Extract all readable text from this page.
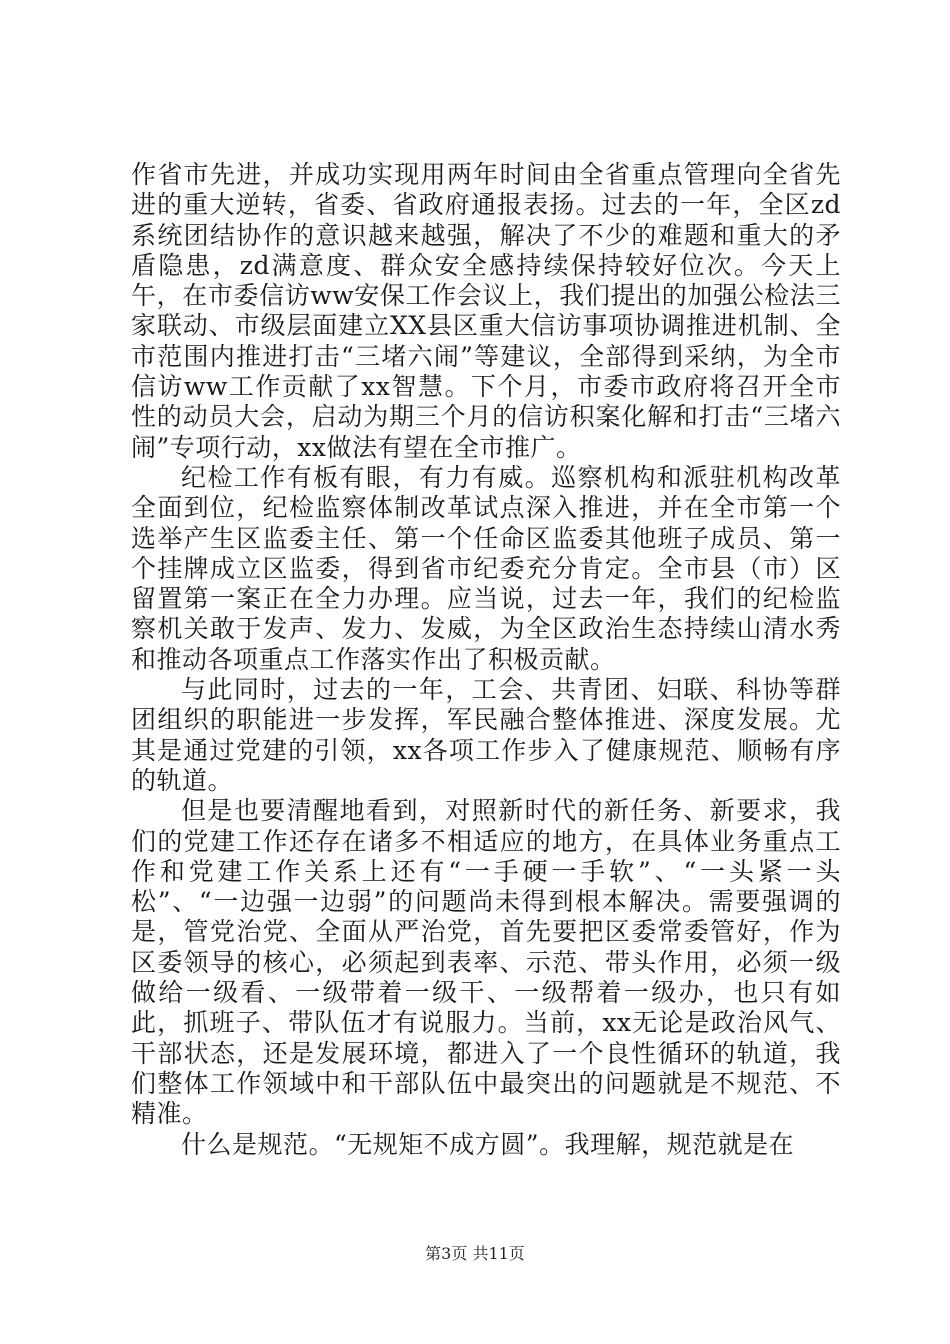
作省市先进，并成功实现用两年时间由全省重点管理向全省先进的重大逆转，省委、省政府通报表扬。过去的一年，全区zd系统团结协作的意识越来越强，解决了不少的难题和重大的矛盾隐患，zd满意度、群众安全感持续保持较好位次。今天上午，在市委信访ww安保工作会议上，我们提出的加强公检法三家联动、市级层面建立XX县区重大信访事项协调推进机制、全市范围内推进打击“三堵六闹”等建议，全部得到采纳，为全市信访ww工作贡献了xx智慧。下个月，市委市政府将召开全市性的动员大会，启动为期三个月的信访积案化解和打击“三堵六闹”专项行动，xx做法有望在全市推广。

纪检工作有板有眼，有力有威。巡察机构和派驻机构改革全面到位，纪检监察体制改革试点深入推进，并在全市第一个选举产生区监委主任、第一个任命区监委其他班子成员、第一个挂牌成立区监委，得到省市纪委充分肯定。全市县（市）区留置第一案正在全力办理。应当说，过去一年，我们的纪检监察机关敢于发声、发力、发威，为全区政治生态持续山清水秀和推动各项重点工作落实作出了积极贡献。

与此同时，过去的一年，工会、共青团、妇联、科协等群团组织的职能进一步发挥，军民融合整体推进、深度发展。尤其是通过党建的引领，xx各项工作步入了健康规范、顺畅有序的轨道。

但是也要清醒地看到，对照新时代的新任务、新要求，我们的党建工作还存在诸多不相适应的地方，在具体业务重点工作和党建工作关系上还有“一手硬一手软”、“一头紧一头松”、“一边强一边弱”的问题尚未得到根本解决。需要强调的是，管党治党、全面从严治党，首先要把区委常委管好，作为区委领导的核心，必须起到表率、示范、带头作用，必须一级做给一级看、一级带着一级干、一级帮着一级办，也只有如此，抓班子、带队伍才有说服力。当前，xx无论是政治风气、干部状态，还是发展环境，都进入了一个良性循环的轨道，我们整体工作领域中和干部队伍中最突出的问题就是不规范、不精准。

什么是规范。“无规矩不成方圆”。我理解，规范就是在

第3页 共11页
